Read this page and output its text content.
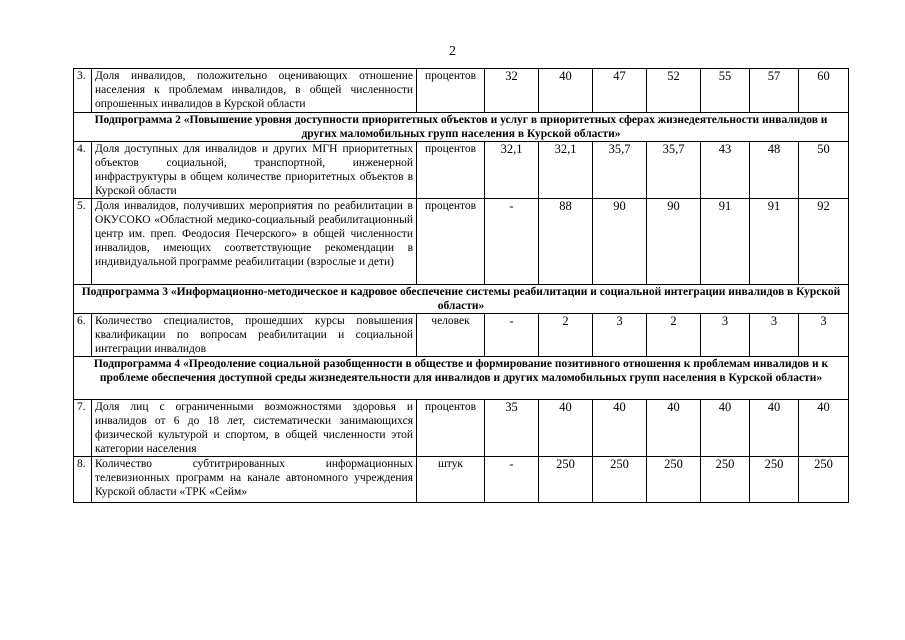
2
3.	Доля инвалидов, положительно оценивающих отношение населения к проблемам инвалидов, в общей численности опрошенных инвалидов в Курской области	процентов	32	40	47	52	55	57	60
Подпрограмма 2 «Повышение уровня доступности приоритетных объектов и услуг в приоритетных сферах жизнедеятельности инвалидов и других маломобильных групп населения в Курской области»									
4.	Доля доступных для инвалидов и других МГН приоритетных объектов социальной, транспортной, инженерной инфраструктуры в общем количестве приоритетных объектов в Курской области	процентов	32,1	32,1	35,7	35,7	43	48	50
5.	Доля инвалидов, получивших мероприятия по реабилитации в ОКУСОКО «Областной медико-социальный реабилитационный центр им. преп. Феодосия Печерского» в общей численности инвалидов, имеющих соответствующие рекомендации в индивидуальной программе реабилитации (взрослые и дети)	процентов	-	88	90	90	91	91	92
Подпрограмма 3 «Информационно-методическое и кадровое обеспечение системы реабилитации и социальной интеграции инвалидов в Курской области»									
6.	Количество специалистов, прошедших курсы повышения квалификации по вопросам реабилитации и социальной интеграции инвалидов	человек	-	2	3	2	3	3	3
Подпрограмма 4 «Преодоление социальной разобщенности в обществе и формирование позитивного отношения к проблемам инвалидов и к проблеме обеспечения доступной среды жизнедеятельности для инвалидов и других маломобильных групп населения в Курской области»									
7.	Доля лиц с ограниченными возможностями здоровья и инвалидов от 6 до 18 лет, систематически занимающихся физической культурой и спортом, в общей численности этой категории населения	процентов	35	40	40	40	40	40	40
8.	Количество субтитрированных информационных телевизионных программ на канале автономного учреждения Курской области «ТРК «Сейм»	штук	-	250	250	250	250	250	250
